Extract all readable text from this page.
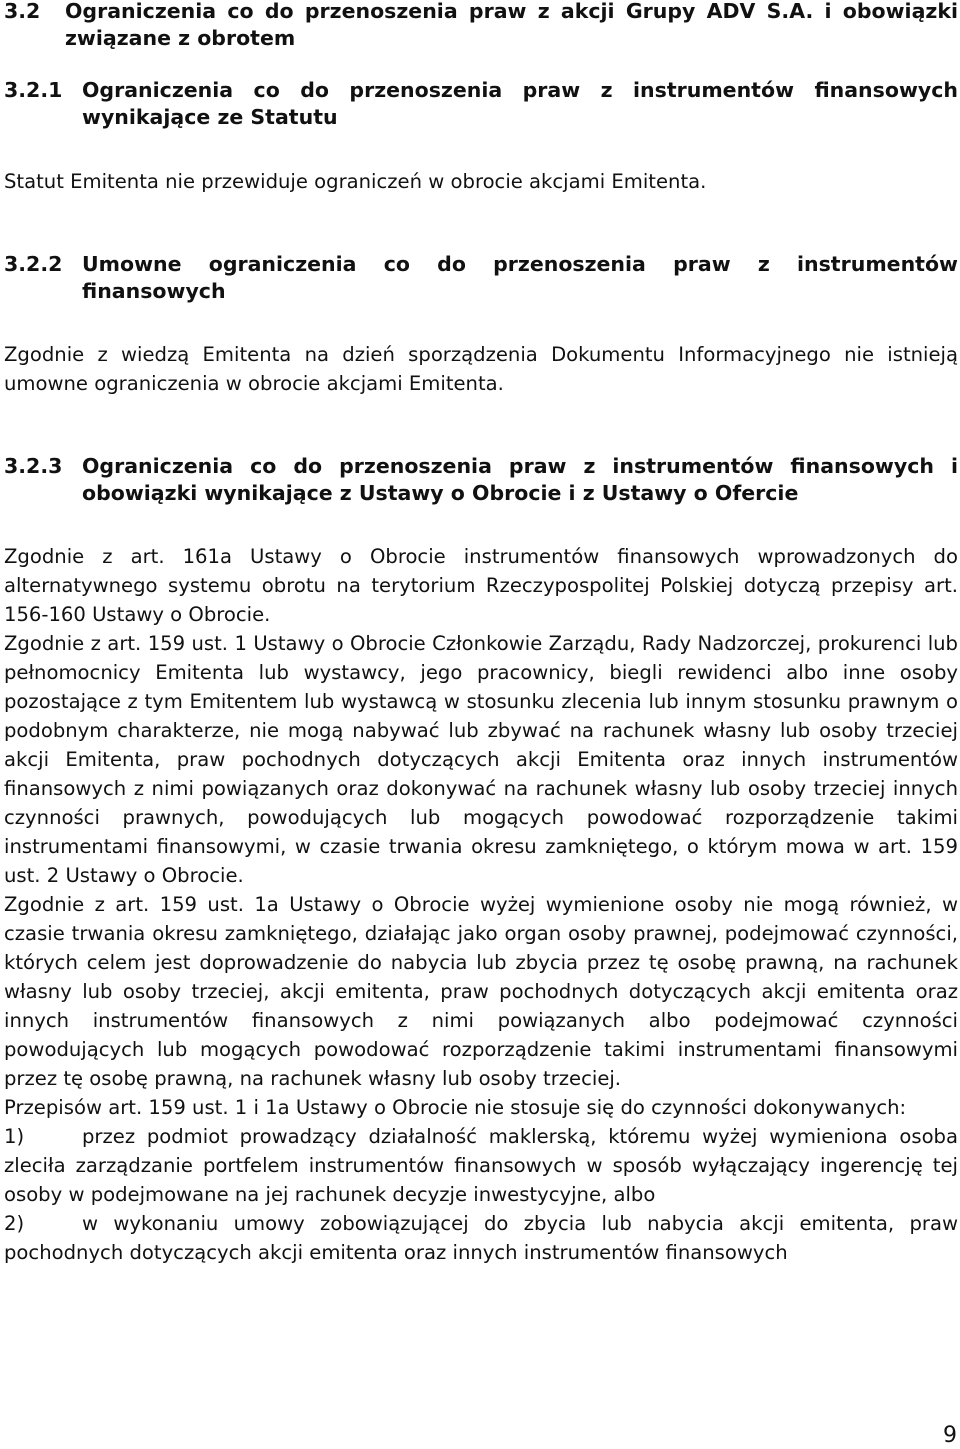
3.2	Ograniczenia co do przenoszenia praw z akcji Grupy ADV S.A. i obowiązki związane z obrotem
3.2.1 Ograniczenia co do przenoszenia praw z instrumentów finansowych wynikające ze Statutu

Statut Emitenta nie przewiduje ograniczeń w obrocie akcjami Emitenta.

3.2.2 Umowne ograniczenia co do przenoszenia praw z instrumentów finansowych

Zgodnie z wiedzą Emitenta na dzień sporządzenia Dokumentu Informacyjnego nie istnieją umowne ograniczenia w obrocie akcjami Emitenta.

3.2.3 Ograniczenia co do przenoszenia praw z instrumentów finansowych i obowiązki wynikające z Ustawy o Obrocie i z Ustawy o Ofercie

Zgodnie z art. 161a Ustawy o Obrocie instrumentów finansowych wprowadzonych do alternatywnego systemu obrotu na terytorium Rzeczypospolitej Polskiej dotyczą przepisy art. 156-160 Ustawy o Obrocie.

Zgodnie z art. 159 ust. 1 Ustawy o Obrocie Członkowie Zarządu, Rady Nadzorczej, prokurenci lub pełnomocnicy Emitenta lub wystawcy, jego pracownicy, biegli rewidenci albo inne osoby pozostające z tym Emitentem lub wystawcą w stosunku zlecenia lub innym stosunku prawnym o podobnym charakterze, nie mogą nabywać lub zbywać na rachunek własny lub osoby trzeciej akcji Emitenta, praw pochodnych dotyczących akcji Emitenta oraz innych instrumentów finansowych z nimi powiązanych oraz dokonywać na rachunek własny lub osoby trzeciej innych czynności prawnych, powodujących lub mogących powodować rozporządzenie takimi instrumentami finansowymi, w czasie trwania okresu zamkniętego, o którym mowa w art. 159 ust. 2 Ustawy o Obrocie.

Zgodnie z art. 159 ust. 1a Ustawy o Obrocie wyżej wymienione osoby nie mogą również, w czasie trwania okresu zamkniętego, działając jako organ osoby prawnej, podejmować czynności, których celem jest doprowadzenie do nabycia lub zbycia przez tę osobę prawną, na rachunek własny lub osoby trzeciej, akcji emitenta, praw pochodnych dotyczących akcji emitenta oraz innych instrumentów finansowych z nimi powiązanych albo podejmować czynności powodujących lub mogących powodować rozporządzenie takimi instrumentami finansowymi przez tę osobę prawną, na rachunek własny lub osoby trzeciej.

Przepisów art. 159 ust. 1 i 1a Ustawy o Obrocie nie stosuje się do czynności dokonywanych:

1)	przez podmiot prowadzący działalność maklerską, któremu wyżej wymieniona osoba zleciła zarządzanie portfelem instrumentów finansowych w sposób wyłączający ingerencję tej osoby w podejmowane na jej rachunek decyzje inwestycyjne, albo

2)	w wykonaniu umowy zobowiązującej do zbycia lub nabycia akcji emitenta, praw pochodnych dotyczących akcji emitenta oraz innych instrumentów finansowych

9
